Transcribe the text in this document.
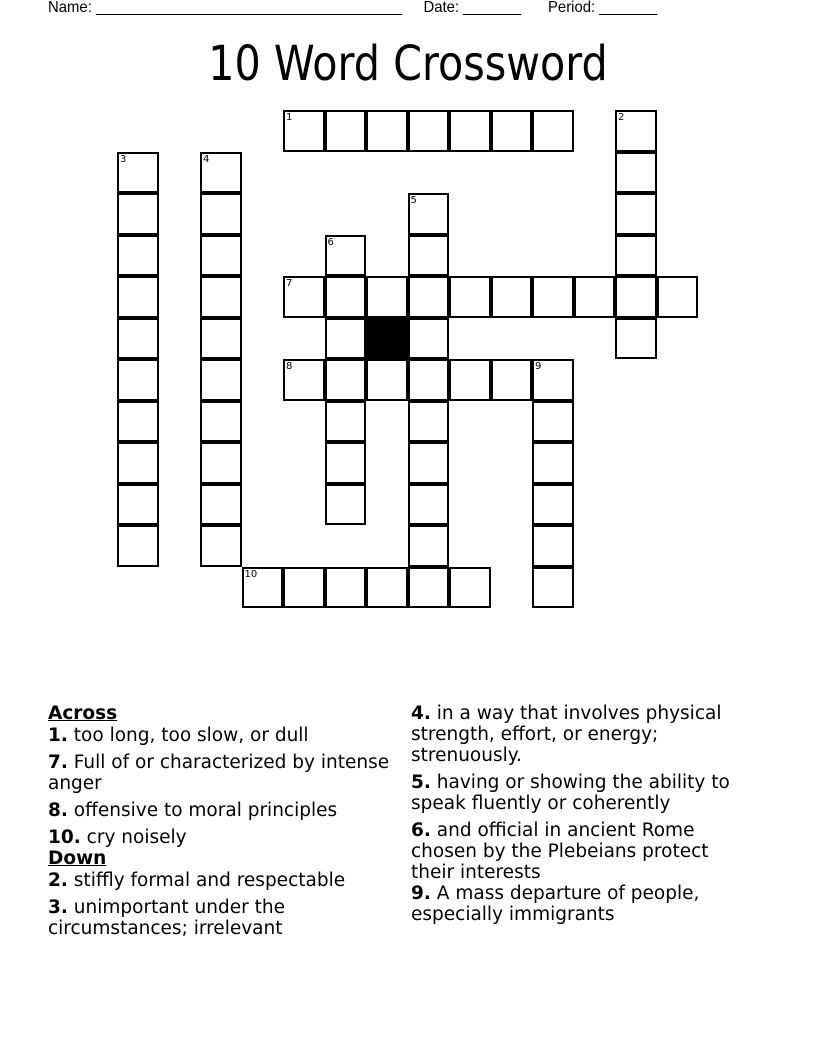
Name: _____________________________________ Date: _______ Period: _______
10 Word Crossword
1	2
3	4
5
6
7
8	9
10
Across
1. too long, too slow, or dull
7. Full of or characterized by intense anger
8. offensive to moral principles
10. cry noisely
Down
2. stiffly formal and respectable
3. unimportant under the circumstances; irrelevant
4. in a way that involves physical strength, effort, or energy; strenuously.
5. having or showing the ability to speak fluently or coherently
6. and official in ancient Rome chosen by the Plebeians protect their interests
9. A mass departure of people, especially immigrants
